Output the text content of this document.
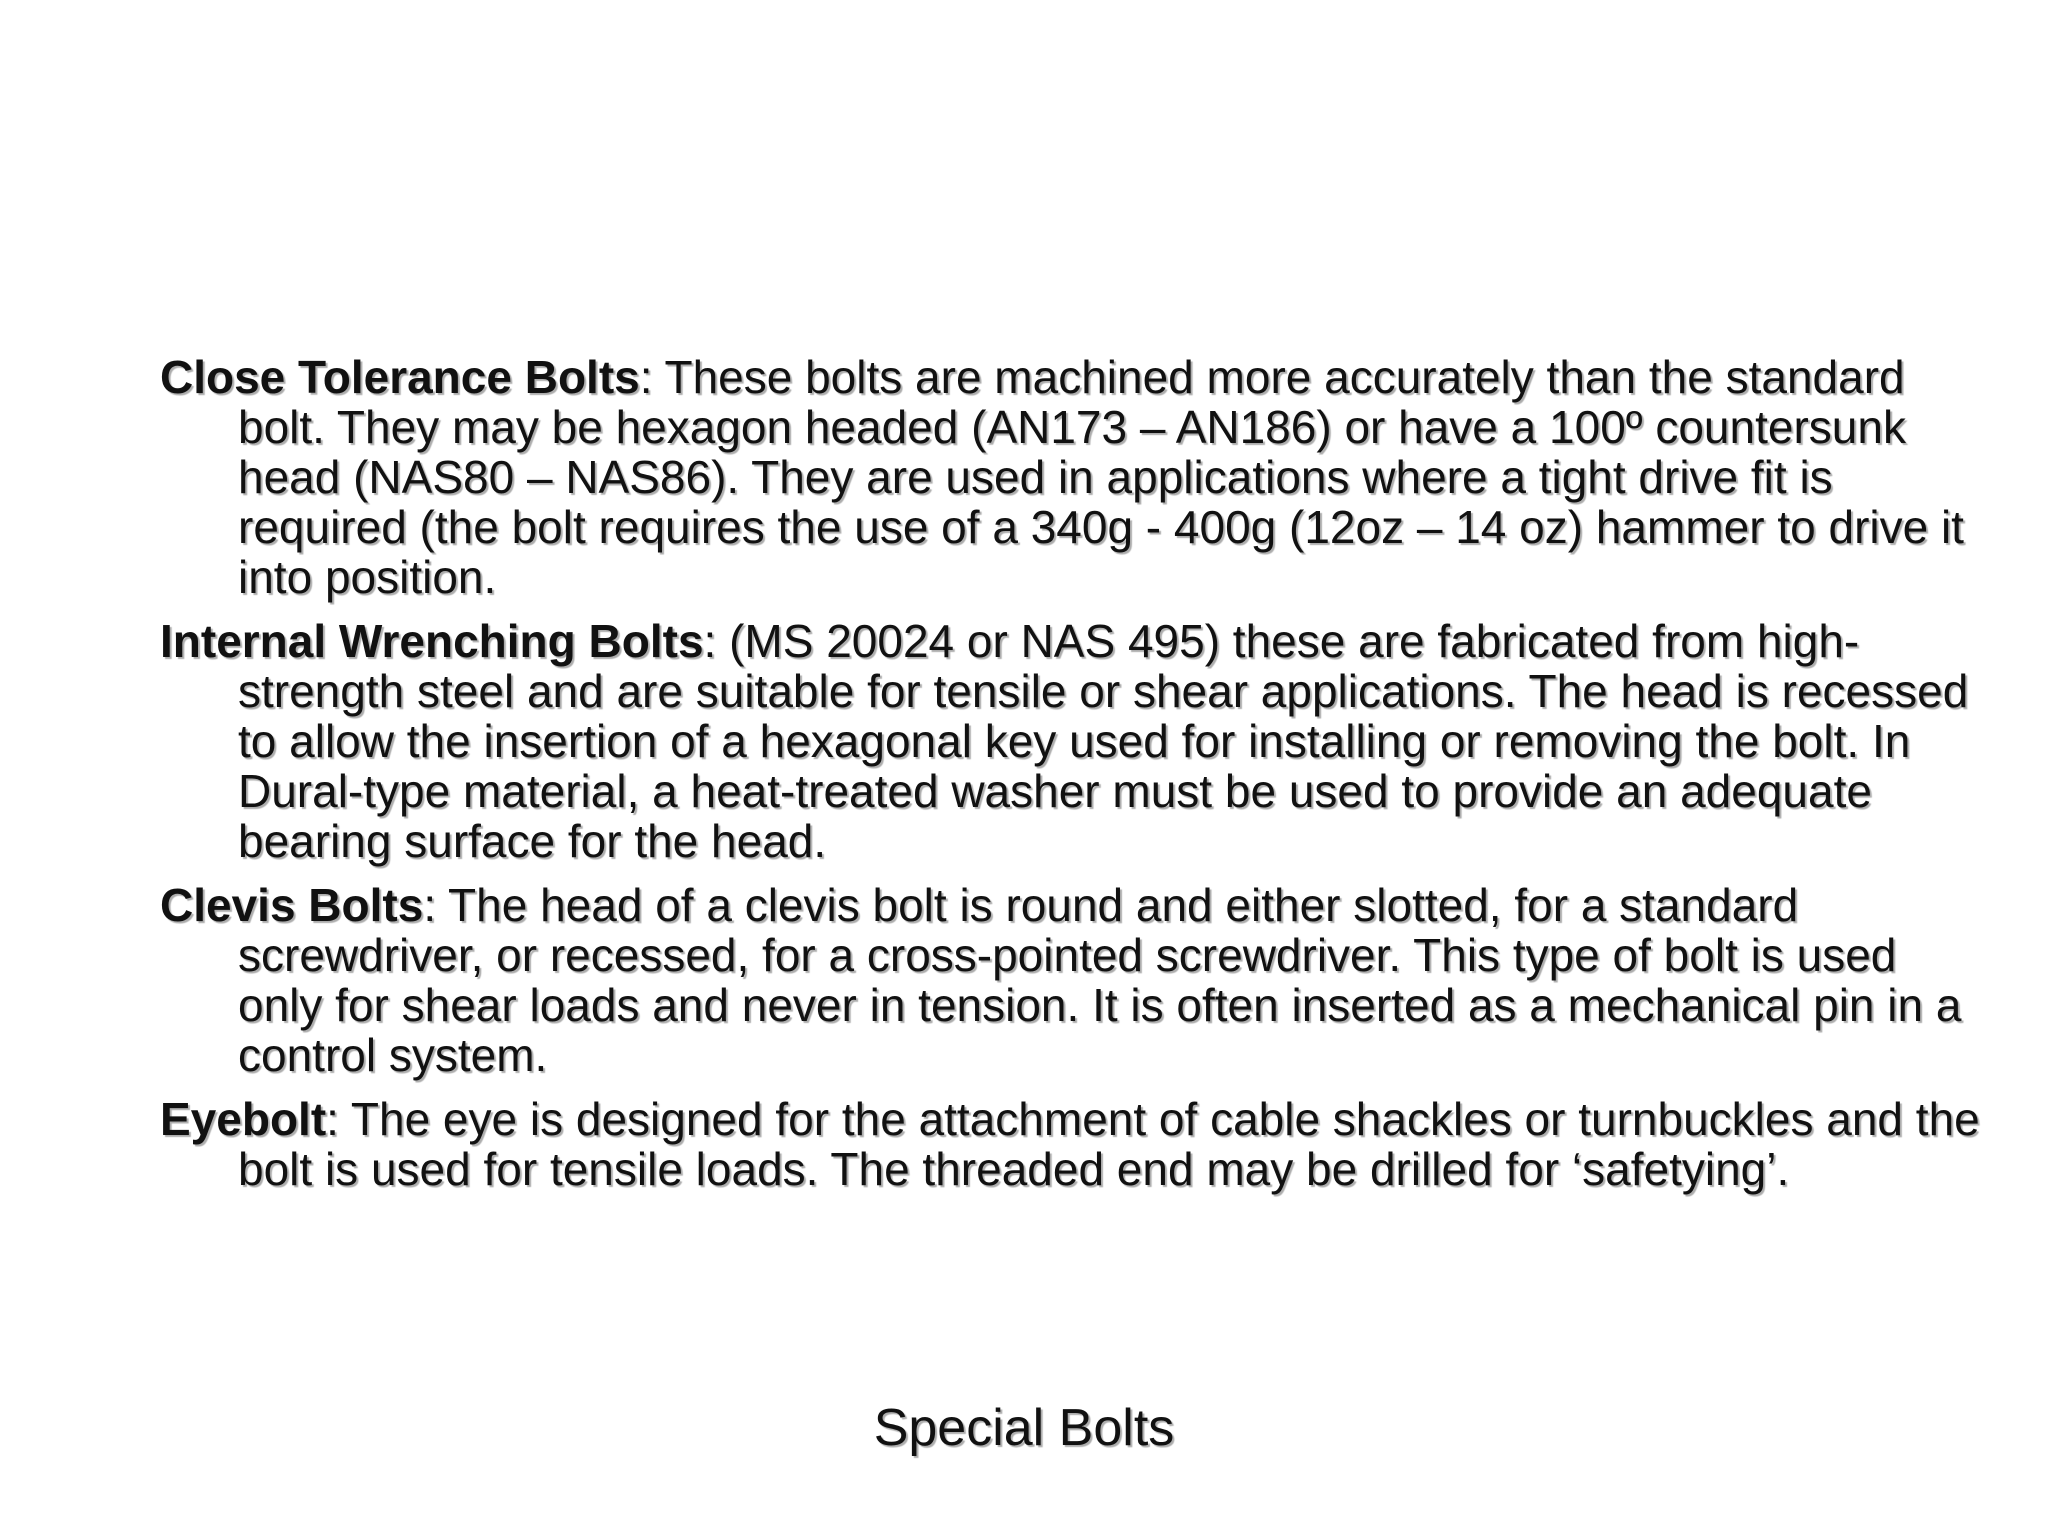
Close Tolerance Bolts: These bolts are machined more accurately than the standard bolt. They may be hexagon headed (AN173 – AN186) or have a 100º countersunk head (NAS80 – NAS86). They are used in applications where a tight drive fit is required (the bolt requires the use of a 340g - 400g (12oz – 14 oz) hammer to drive it into position.

Internal Wrenching Bolts: (MS 20024 or NAS 495) these are fabricated from high-strength steel and are suitable for tensile or shear applications. The head is recessed to allow the insertion of a hexagonal key used for installing or removing the bolt. In Dural-type material, a heat-treated washer must be used to provide an adequate bearing surface for the head.

Clevis Bolts: The head of a clevis bolt is round and either slotted, for a standard screwdriver, or recessed, for a cross-pointed screwdriver. This type of bolt is used only for shear loads and never in tension. It is often inserted as a mechanical pin in a control system.

Eyebolt: The eye is designed for the attachment of cable shackles or turnbuckles and the bolt is used for tensile loads. The threaded end may be drilled for ‘safetying’.

Special Bolts
